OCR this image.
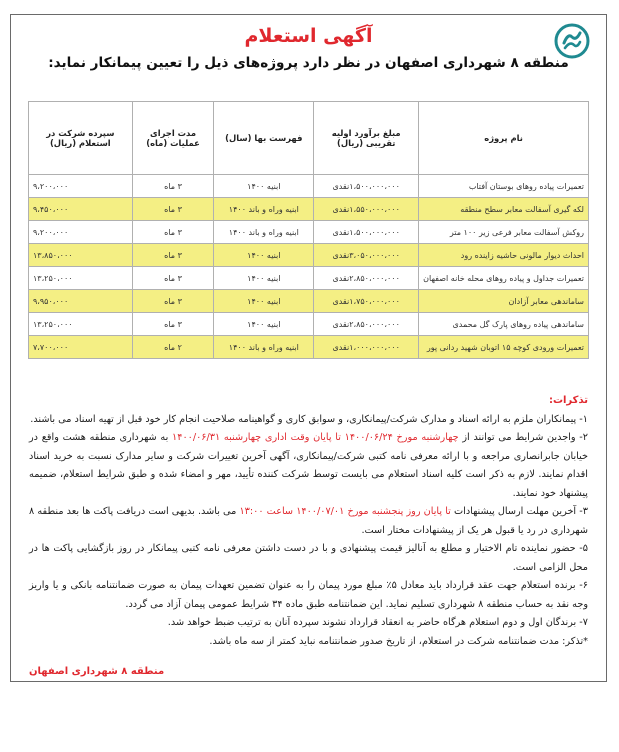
آگهی استعلام
منطقه ۸ شهرداری اصفهان در نظر دارد پروژه‌های ذیل را تعیین پیمانکار نماید:
نام پروژه	مبلغ برآورد اولیه تقریبی (ریال)	فهرست بها (سال)	مدت اجرای عملیات (ماه)	سپرده شرکت در استعلام (ریال)
تعمیرات پیاده روهای بوستان آفتاب	۱،۵۰۰،۰۰۰،۰۰۰نقدی	ابنیه ۱۴۰۰	۳ ماه	۹،۲۰۰،۰۰۰
لکه گیری آسفالت معابر سطح منطقه	۱،۵۵۰،۰۰۰،۰۰۰نقدی	ابنیه وراه و باند ۱۴۰۰	۳ ماه	۹،۴۵۰،۰۰۰
روکش آسفالت معابر فرعی زیر ۱۰۰ متر	۱،۵۰۰،۰۰۰،۰۰۰نقدی	ابنیه وراه و باند ۱۴۰۰	۳ ماه	۹،۲۰۰،۰۰۰
احداث دیوار مالونی حاشیه زاینده رود	۳،۰۵۰،۰۰۰،۰۰۰نقدی	ابنیه ۱۴۰۰	۳ ماه	۱۳،۸۵۰،۰۰۰
تعمیرات جداول و پیاده روهای محله خانه اصفهان	۲،۸۵۰،۰۰۰،۰۰۰نقدی	ابنیه ۱۴۰۰	۳ ماه	۱۳،۲۵۰،۰۰۰
ساماندهی معابر آزادان	۱،۷۵۰،۰۰۰،۰۰۰نقدی	ابنیه ۱۴۰۰	۳ ماه	۹،۹۵۰،۰۰۰
ساماندهی پیاده روهای پارک گل محمدی	۲،۸۵۰،۰۰۰،۰۰۰نقدی	ابنیه ۱۴۰۰	۳ ماه	۱۳،۲۵۰،۰۰۰
تعمیرات ورودی کوچه ۱۵ اتوبان شهید ردانی پور	۱،۰۰۰،۰۰۰،۰۰۰نقدی	ابنیه وراه و باند ۱۴۰۰	۲ ماه	۷،۷۰۰،۰۰۰
تذکرات:

۱- پیمانکاران ملزم به ارائه اسناد و مدارک شرکت/پیمانکاری، و سوابق کاری و گواهینامه صلاحیت انجام کار خود قبل از تهیه اسناد می باشند.

۲- واجدین شرایط می توانند از چهارشنبه مورخ ۱۴۰۰/۰۶/۲۴ تا پایان وقت اداری چهارشنبه ۱۴۰۰/۰۶/۳۱ به شهرداری منطقه هشت واقع در خیابان جابرانصاری مراجعه و با ارائه معرفی نامه کتبی شرکت/پیمانکاری، آگهی آخرین تغییرات شرکت و سایر مدارک نسبت به خرید اسناد اقدام نمایند. لازم به ذکر است کلیه اسناد استعلام می بایست توسط شرکت کننده تأیید، مهر و امضاء شده و طبق شرایط استعلام، ضمیمه پیشنهاد خود نمایند.

۳- آخرین مهلت ارسال پیشنهادات تا پایان روز پنجشنبه مورخ ۱۴۰۰/۰۷/۰۱ ساعت ۱۳:۰۰ می باشد. بدیهی است دریافت پاکت ها بعد منطقه ۸ شهرداری در رد یا قبول هر یک از پیشنهادات مختار است.

۵- حضور نماینده تام الاختیار و مطلع به آنالیز قیمت پیشنهادی و با در دست داشتن معرفی نامه کتبی پیمانکار در روز بازگشایی پاکت ها در محل الزامی است.

۶- برنده استعلام جهت عقد قرارداد باید معادل ۵٪ مبلغ مورد پیمان را به عنوان تضمین تعهدات پیمان به صورت ضمانتنامه بانکی و یا واریز وجه نقد به حساب منطقه ۸ شهرداری تسلیم نماید. این ضمانتنامه طبق ماده ۳۴ شرایط عمومی پیمان آزاد می گردد.

۷- برندگان اول و دوم استعلام هرگاه حاضر به انعقاد قرارداد نشوند سپرده آنان به ترتیب ضبط خواهد شد.

*تذکر: مدت ضمانتنامه شرکت در استعلام، از تاریخ صدور ضمانتنامه نباید کمتر از سه ماه باشد.

منطقه ۸ شهرداری اصفهان
